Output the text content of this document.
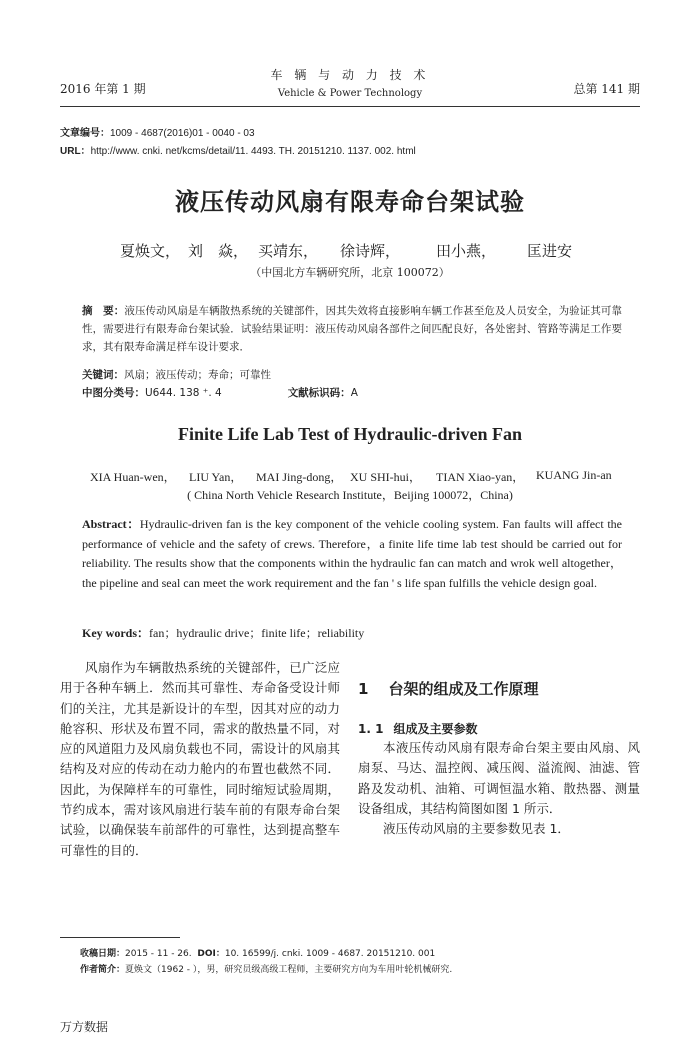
2016 年第 1 期
车 辆 与 动 力 技 术
Vehicle & Power Technology	总第 141 期
文章编号：1009 - 4687(2016)01 - 0040 - 03
URL：http://www. cnki. net/kcms/detail/11. 4493. TH. 20151210. 1137. 002. html
液压传动风扇有限寿命台架试验
夏焕文， 刘　焱， 买靖东， 徐诗辉， 田小燕， 匡进安
（中国北方车辆研究所，北京 100072）
摘　要：液压传动风扇是车辆散热系统的关键部件，因其失效将直接影响车辆工作甚至危及人员安全，为验证其可靠性，需要进行有限寿命台架试验．试验结果证明：液压传动风扇各部件之间匹配良好，各处密封、管路等满足工作要求，其有限寿命满足样车设计要求．
关键词：风扇；液压传动；寿命；可靠性
中图分类号：U644. 138 ⁺. 4	文献标识码：A
Finite Life Lab Test of Hydraulic-driven Fan
XIA Huan-wen， LIU Yan， MAI Jing-dong， XU SHI-hui， TIAN Xiao-yan， KUANG Jin-an
( China North Vehicle Research Institute，Beijing 100072，China)
Abstract：Hydraulic-driven fan is the key component of the vehicle cooling system. Fan faults will affect the performance of vehicle and the safety of crews. Therefore，a finite life time lab test should be carried out for reliability. The results show that the components within the hydraulic fan can match and wrok well altogether，the pipeline and seal can meet the work requirement and the fan ' s life span fulfills the vehicle design goal.
Key words：fan；hydraulic drive；finite life；reliability

风扇作为车辆散热系统的关键部件，已广泛应用于各种车辆上．然而其可靠性、寿命备受设计师们的关注，尤其是新设计的车型，因其对应的动力舱容积、形状及布置不同，需求的散热量不同，对应的风道阻力及风扇负载也不同，需设计的风扇其结构及对应的传动在动力舱内的布置也截然不同．因此，为保障样车的可靠性，同时缩短试验周期，节约成本，需对该风扇进行装车前的有限寿命台架试验，以确保装车前部件的可靠性，达到提高整车可靠性的目的．

1 台架的组成及工作原理
1. 1 组成及主要参数

本液压传动风扇有限寿命台架主要由风扇、风扇泵、马达、温控阀、减压阀、溢流阀、油滤、管路及发动机、油箱、可调恒温水箱、散热器、测量设备组成，其结构简图如图 1 所示．

液压传动风扇的主要参数见表 1．

收稿日期：2015 - 11 - 26. DOI：10. 16599/j. cnki. 1009 - 4687. 20151210. 001
作者简介：夏焕文（1962 - ），男，研究员级高级工程师，主要研究方向为车用叶轮机械研究.
万方数据
